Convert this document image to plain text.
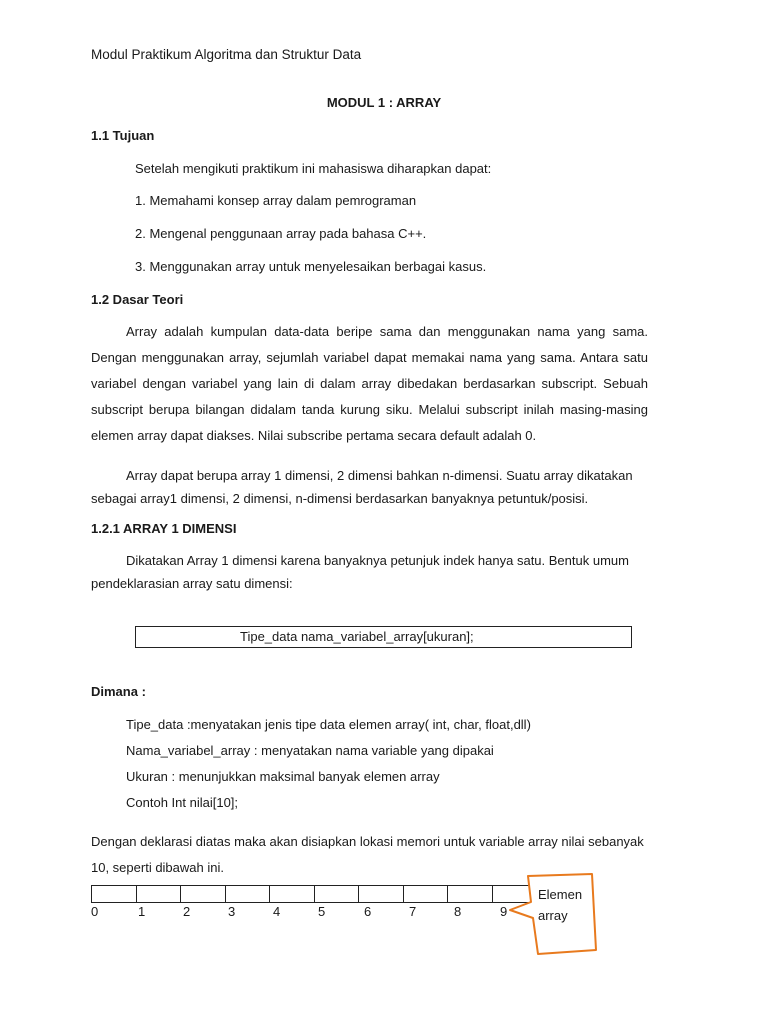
Modul Praktikum Algoritma dan Struktur Data
MODUL 1 : ARRAY
1.1 Tujuan
Setelah mengikuti praktikum ini mahasiswa diharapkan dapat:
1. Memahami konsep array dalam pemrograman
2. Mengenal penggunaan array pada bahasa C++.
3. Menggunakan array untuk menyelesaikan berbagai kasus.
1.2 Dasar Teori
Array adalah kumpulan data-data beripe sama dan menggunakan nama yang sama. Dengan menggunakan array, sejumlah variabel dapat memakai nama yang sama. Antara satu variabel dengan variabel yang lain di dalam array dibedakan berdasarkan subscript. Sebuah subscript berupa bilangan didalam tanda kurung siku. Melalui subscript inilah masing-masing elemen array dapat diakses. Nilai subscribe pertama secara default adalah 0.
Array dapat berupa array 1 dimensi, 2 dimensi bahkan n-dimensi. Suatu array dikatakan sebagai array1 dimensi, 2 dimensi, n-dimensi berdasarkan banyaknya petuntuk/posisi.
1.2.1 ARRAY 1 DIMENSI
Dikatakan Array 1 dimensi karena banyaknya petunjuk indek hanya satu. Bentuk umum pendeklarasian array satu dimensi:
Tipe_data nama_variabel_array[ukuran];
Dimana :
Tipe_data :menyatakan jenis tipe data elemen array( int, char, float,dll)
Nama_variabel_array : menyatakan nama variable yang dipakai
Ukuran : menunjukkan maksimal banyak elemen array
Contoh Int nilai[10];
Dengan deklarasi diatas maka akan disiapkan lokasi memori untuk variable array nilai sebanyak
10, seperti dibawah ini.

0	1	2	3	4	5	6	7	8	9
Elemen
array
